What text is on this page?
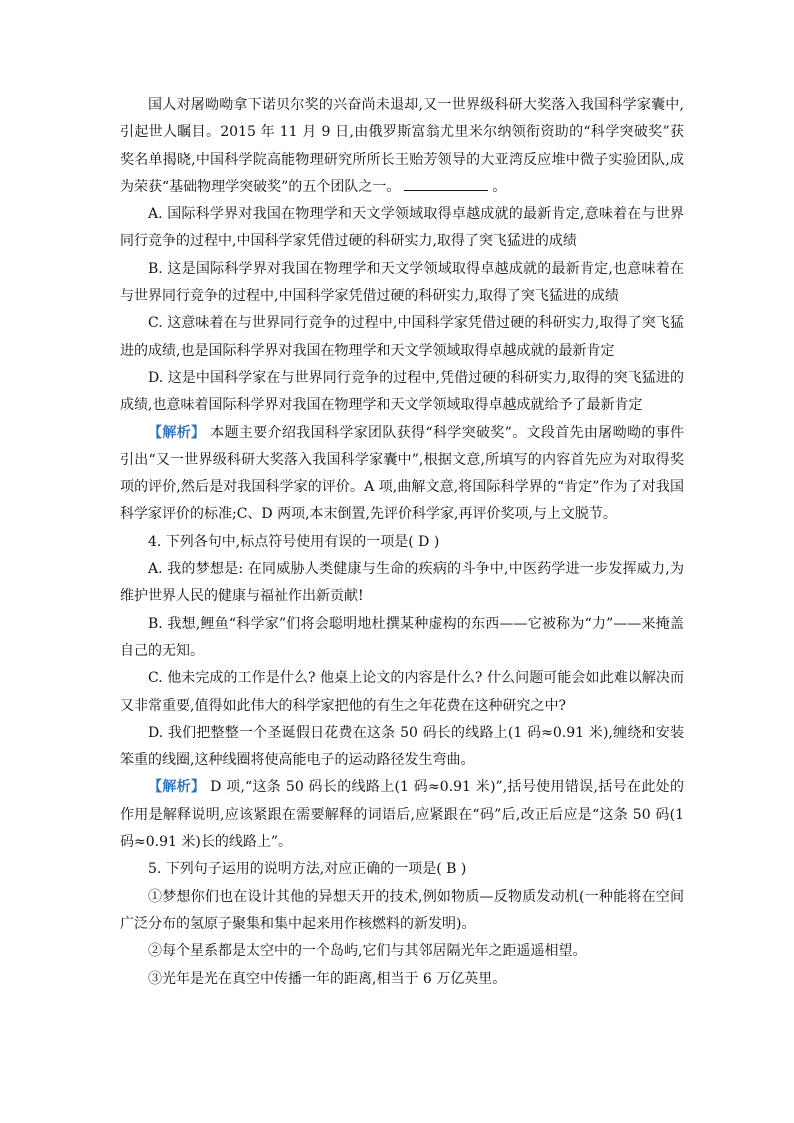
国人对屠呦呦拿下诺贝尔奖的兴奋尚未退却,又一世界级科研大奖落入我国科学家囊中,引起世人瞩目。2015 年 11 月 9 日,由俄罗斯富翁尤里米尔纳领衔资助的“科学突破奖”获奖名单揭晓,中国科学院高能物理研究所所长王贻芳领导的大亚湾反应堆中微子实验团队,成为荣获“基础物理学突破奖”的五个团队之一。	。

A. 国际科学界对我国在物理学和天文学领域取得卓越成就的最新肯定,意味着在与世界同行竞争的过程中,中国科学家凭借过硬的科研实力,取得了突飞猛进的成绩

B. 这是国际科学界对我国在物理学和天文学领域取得卓越成就的最新肯定,也意味着在与世界同行竞争的过程中,中国科学家凭借过硬的科研实力,取得了突飞猛进的成绩

C. 这意味着在与世界同行竞争的过程中,中国科学家凭借过硬的科研实力,取得了突飞猛进的成绩,也是国际科学界对我国在物理学和天文学领域取得卓越成就的最新肯定

D. 这是中国科学家在与世界同行竞争的过程中,凭借过硬的科研实力,取得的突飞猛进的成绩,也意味着国际科学界对我国在物理学和天文学领域取得卓越成就给予了最新肯定

【解析】 本题主要介绍我国科学家团队获得“科学突破奖”。文段首先由屠呦呦的事件引出“又一世界级科研大奖落入我国科学家囊中”,根据文意,所填写的内容首先应为对取得奖项的评价,然后是对我国科学家的评价。A 项,曲解文意,将国际科学界的“肯定”作为了对我国科学家评价的标准;C、D 两项,本末倒置,先评价科学家,再评价奖项,与上文脱节。

4. 下列各句中,标点符号使用有误的一项是( D )

A. 我的梦想是: 在同威胁人类健康与生命的疾病的斗争中,中医药学进一步发挥威力,为维护世界人民的健康与福祉作出新贡献!

B. 我想,鲤鱼“科学家”们将会聪明地杜撰某种虚构的东西——它被称为“力”——来掩盖自己的无知。

C. 他未完成的工作是什么? 他桌上论文的内容是什么? 什么问题可能会如此难以解决而又非常重要,值得如此伟大的科学家把他的有生之年花费在这种研究之中?

D. 我们把整整一个圣诞假日花费在这条 50 码长的线路上(1 码≈0.91 米),缠绕和安装笨重的线圈,这种线圈将使高能电子的运动路径发生弯曲。

【解析】 D 项,“这条 50 码长的线路上(1 码≈0.91 米)”,括号使用错误,括号在此处的作用是解释说明,应该紧跟在需要解释的词语后,应紧跟在“码”后,改正后应是“这条 50 码(1 码≈0.91 米)长的线路上”。

5. 下列句子运用的说明方法,对应正确的一项是( B )

①梦想你们也在设计其他的异想天开的技术,例如物质—反物质发动机(一种能将在空间广泛分布的氢原子聚集和集中起来用作核燃料的新发明)。

②每个星系都是太空中的一个岛屿,它们与其邻居隔光年之距遥遥相望。

③光年是光在真空中传播一年的距离,相当于 6 万亿英里。
